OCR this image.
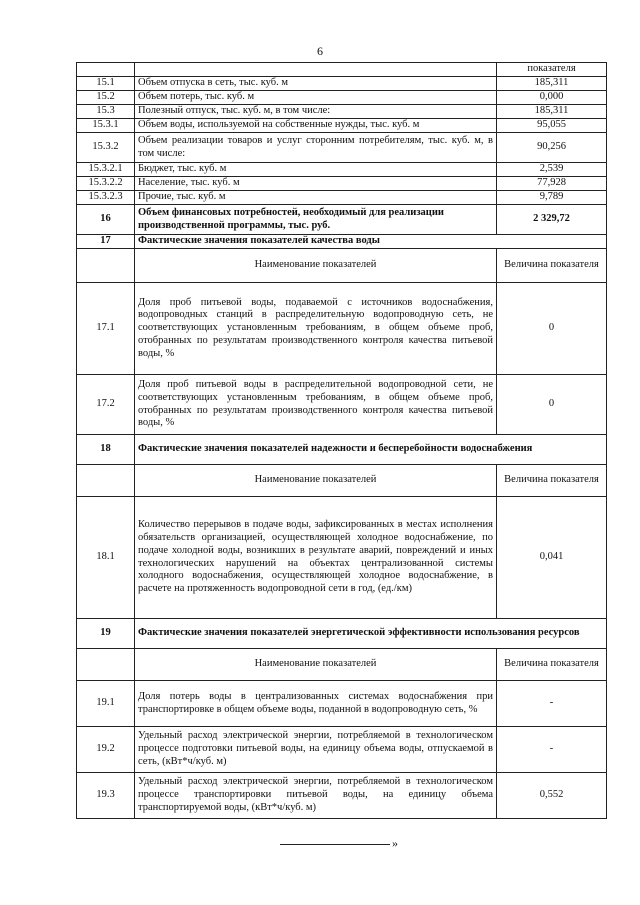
6
		показателя
15.1	Объем отпуска в сеть, тыс. куб. м	185,311
15.2	Объем потерь, тыс. куб. м	0,000
15.3	Полезный отпуск, тыс. куб. м, в том числе:	185,311
15.3.1	Объем воды, используемой на собственные нужды, тыс. куб. м	95,055
15.3.2	Объем реализации товаров и услуг сторонним потребителям, тыс. куб. м, в том числе:	90,256
15.3.2.1	Бюджет, тыс. куб. м	2,539
15.3.2.2	Население, тыс. куб. м	77,928
15.3.2.3	Прочие, тыс. куб. м	9,789
16	Объем финансовых потребностей, необходимый для реализации производственной программы, тыс. руб.	2 329,72
17	Фактические значения показателей качества воды	
	Наименование показателей	Величина показателя
17.1	Доля проб питьевой воды, подаваемой с источников водоснабжения, водопроводных станций в распределительную водопроводную сеть, не соответствующих установленным требованиям, в общем объеме проб, отобранных по результатам производственного контроля качества питьевой воды, %	0
17.2	Доля проб питьевой воды в распределительной водопроводной сети, не соответствующих установленным требованиям, в общем объеме проб, отобранных по результатам производственного контроля качества питьевой воды, %	0
18	Фактические значения показателей надежности и бесперебойности водоснабжения	
	Наименование показателей	Величина показателя
18.1	Количество перерывов в подаче воды, зафиксированных в местах исполнения обязательств организацией, осуществляющей холодное водоснабжение, по подаче холодной воды, возникших в результате аварий, повреждений и иных технологических нарушений на объектах централизованной системы холодного водоснабжения, осуществляющей холодное водоснабжение, в расчете на протяженность водопроводной сети в год, (ед./км)	0,041
19	Фактические значения показателей энергетической эффективности использования ресурсов	
	Наименование показателей	Величина показателя
19.1	Доля потерь воды в централизованных системах водоснабжения при транспортировке в общем объеме воды, поданной в водопроводную сеть, %	-
19.2	Удельный расход электрической энергии, потребляемой в технологическом процессе подготовки питьевой воды, на единицу объема воды, отпускаемой в сеть, (кВт*ч/куб. м)	-
19.3	Удельный расход электрической энергии, потребляемой в технологическом процессе транспортировки питьевой воды, на единицу объема транспортируемой воды, (кВт*ч/куб. м)	0,552
»
